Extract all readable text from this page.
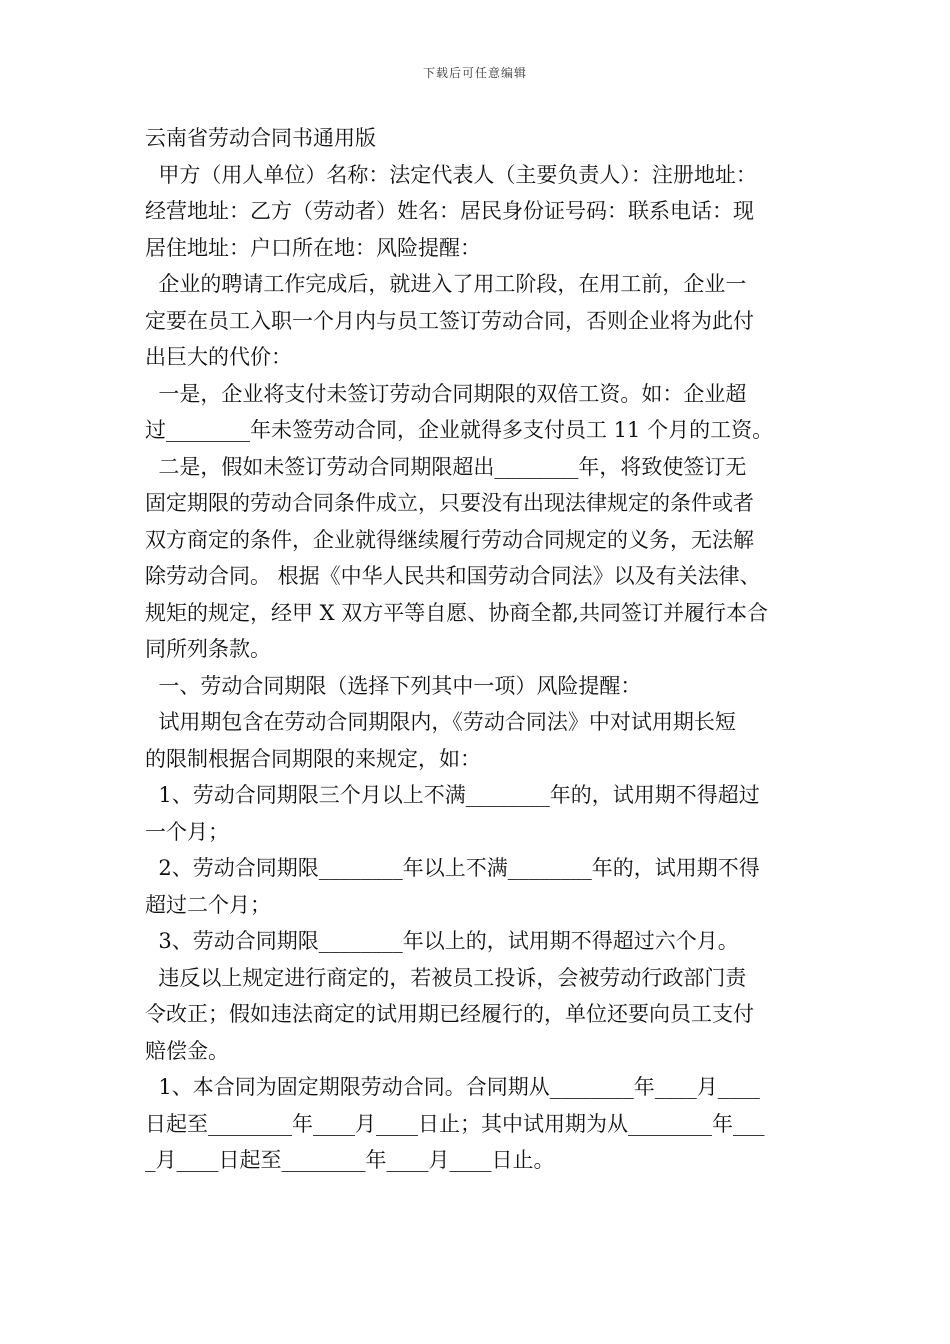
下载后可任意编辑
云南省劳动合同书通用版
甲方（用人单位）名称：法定代表人（主要负责人）：注册地址：
经营地址：乙方（劳动者）姓名：居民身份证号码：联系电话：现
居住地址：户口所在地：风险提醒：
企业的聘请工作完成后，就进入了用工阶段，在用工前，企业一
定要在员工入职一个月内与员工签订劳动合同，否则企业将为此付
出巨大的代价：
一是，企业将支付未签订劳动合同期限的双倍工资。如：企业超
过________年未签劳动合同，企业就得多支付员工 11 个月的工资。
二是，假如未签订劳动合同期限超出________年，将致使签订无
固定期限的劳动合同条件成立，只要没有出现法律规定的条件或者
双方商定的条件，企业就得继续履行劳动合同规定的义务，无法解
除劳动合同。 根据《中华人民共和国劳动合同法》以及有关法律、
规矩的规定，经甲 X 双方平等自愿、协商全都,共同签订并履行本合
同所列条款。
一、劳动合同期限（选择下列其中一项）风险提醒：
试用期包含在劳动合同期限内，《劳动合同法》中对试用期长短
的限制根据合同期限的来规定，如：
1、劳动合同期限三个月以上不满________年的，试用期不得超过
一个月；
2、劳动合同期限________年以上不满________年的，试用期不得
超过二个月；
3、劳动合同期限________年以上的，试用期不得超过六个月。
违反以上规定进行商定的，若被员工投诉，会被劳动行政部门责
令改正；假如违法商定的试用期已经履行的，单位还要向员工支付
赔偿金。
1、本合同为固定期限劳动合同。合同期从________年____月____
日起至________年____月____日止；其中试用期为从________年___
_月____日起至________年____月____日止。
